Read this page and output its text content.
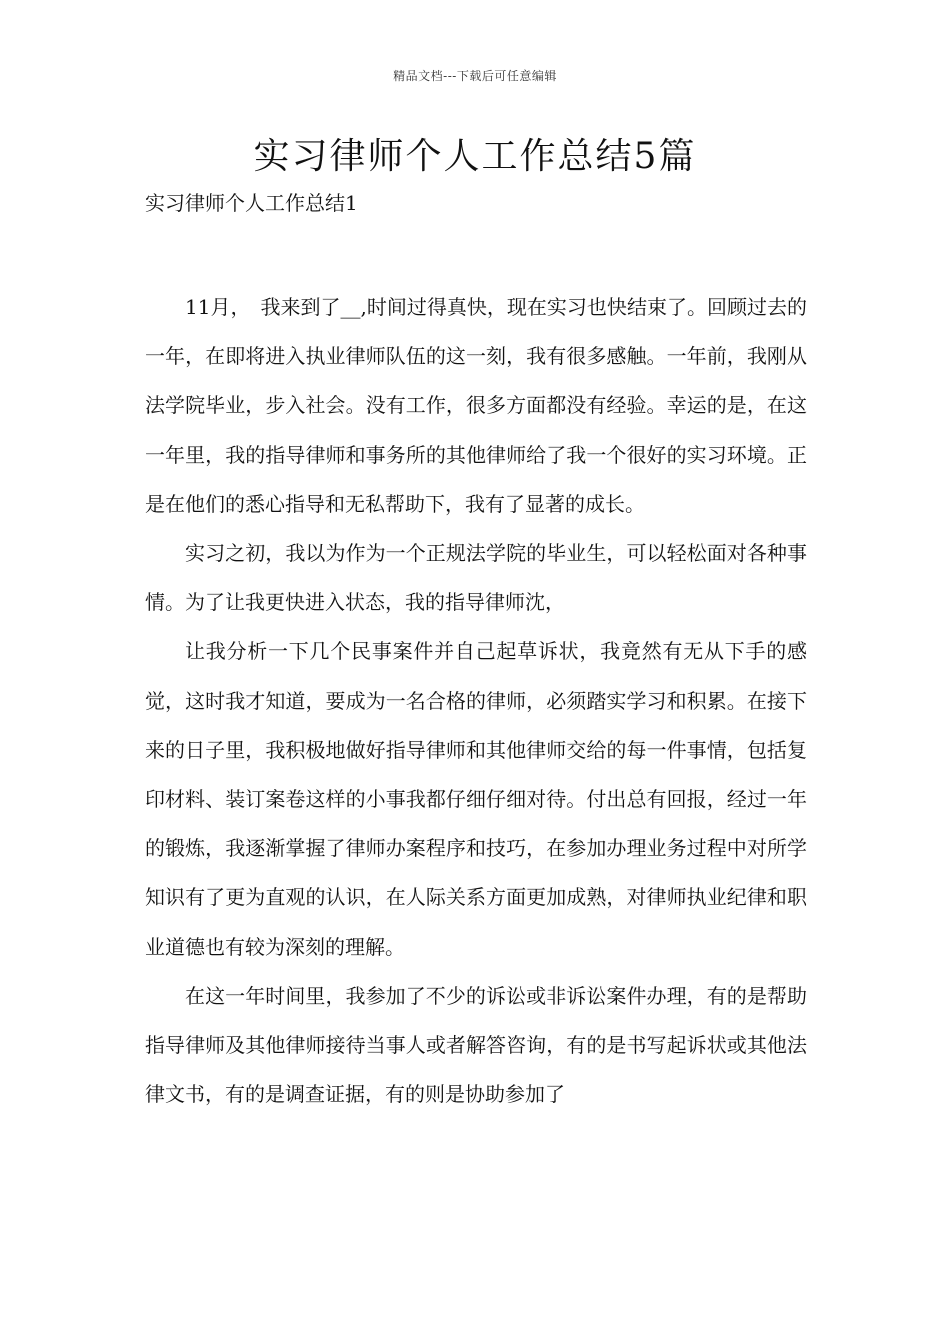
精品文档---下载后可任意编辑
实习律师个人工作总结5篇
实习律师个人工作总结1

11月，　我来到了__,时间过得真快，现在实习也快结束了。回顾过去的一年，在即将进入执业律师队伍的这一刻，我有很多感触。一年前，我刚从法学院毕业，步入社会。没有工作，很多方面都没有经验。幸运的是，在这一年里，我的指导律师和事务所的其他律师给了我一个很好的实习环境。正是在他们的悉心指导和无私帮助下，我有了显著的成长。

实习之初，我以为作为一个正规法学院的毕业生，可以轻松面对各种事情。为了让我更快进入状态，我的指导律师沈，

让我分析一下几个民事案件并自己起草诉状，我竟然有无从下手的感觉，这时我才知道，要成为一名合格的律师，必须踏实学习和积累。在接下来的日子里，我积极地做好指导律师和其他律师交给的每一件事情，包括复印材料、装订案卷这样的小事我都仔细仔细对待。付出总有回报，经过一年的锻炼，我逐渐掌握了律师办案程序和技巧，在参加办理业务过程中对所学知识有了更为直观的认识，在人际关系方面更加成熟，对律师执业纪律和职业道德也有较为深刻的理解。

在这一年时间里，我参加了不少的诉讼或非诉讼案件办理，有的是帮助指导律师及其他律师接待当事人或者解答咨询，有的是书写起诉状或其他法律文书，有的是调查证据，有的则是协助参加了
